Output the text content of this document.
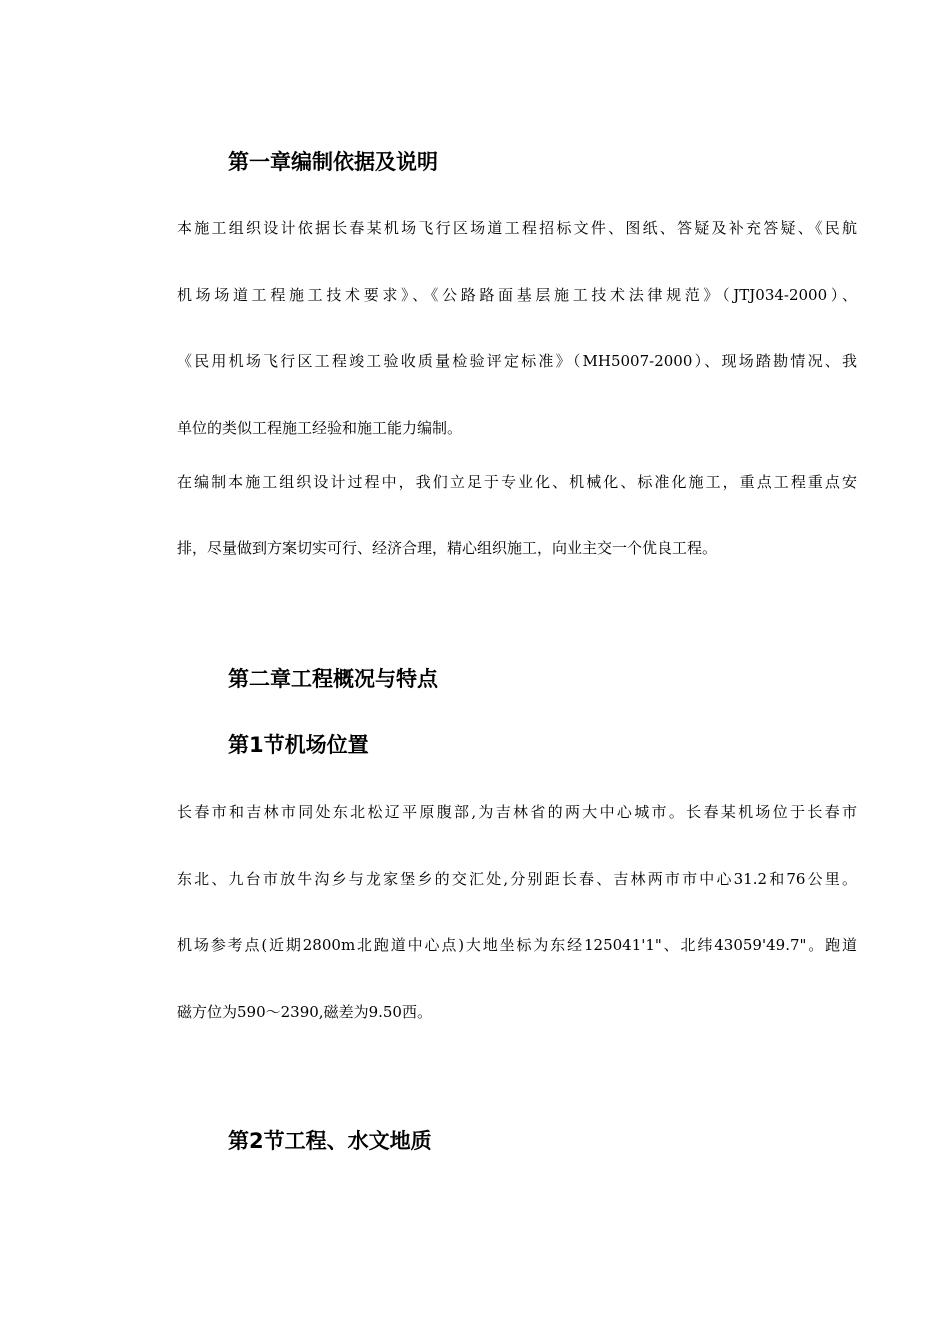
第一章编制依据及说明

本施工组织设计依据长春某机场飞行区场道工程招标文件、图纸、答疑及补充答疑、《民航

机场场道工程施工技术要求》、《公路路面基层施工技术法律规范》（JTJ034-2000）、

《民用机场飞行区工程竣工验收质量检验评定标准》（MH5007-2000）、现场踏勘情况、我

单位的类似工程施工经验和施工能力编制。

在编制本施工组织设计过程中，我们立足于专业化、机械化、标准化施工，重点工程重点安

排，尽量做到方案切实可行、经济合理，精心组织施工，向业主交一个优良工程。

第二章工程概况与特点
第1节机场位置

长春市和吉林市同处东北松辽平原腹部,为吉林省的两大中心城市。长春某机场位于长春市

东北、九台市放牛沟乡与龙家堡乡的交汇处,分别距长春、吉林两市市中心31.2和76公里。

机场参考点(近期2800m北跑道中心点)大地坐标为东经125041'1"、北纬43059'49.7"。跑道

磁方位为590～2390,磁差为9.50西。

第2节工程、水文地质
